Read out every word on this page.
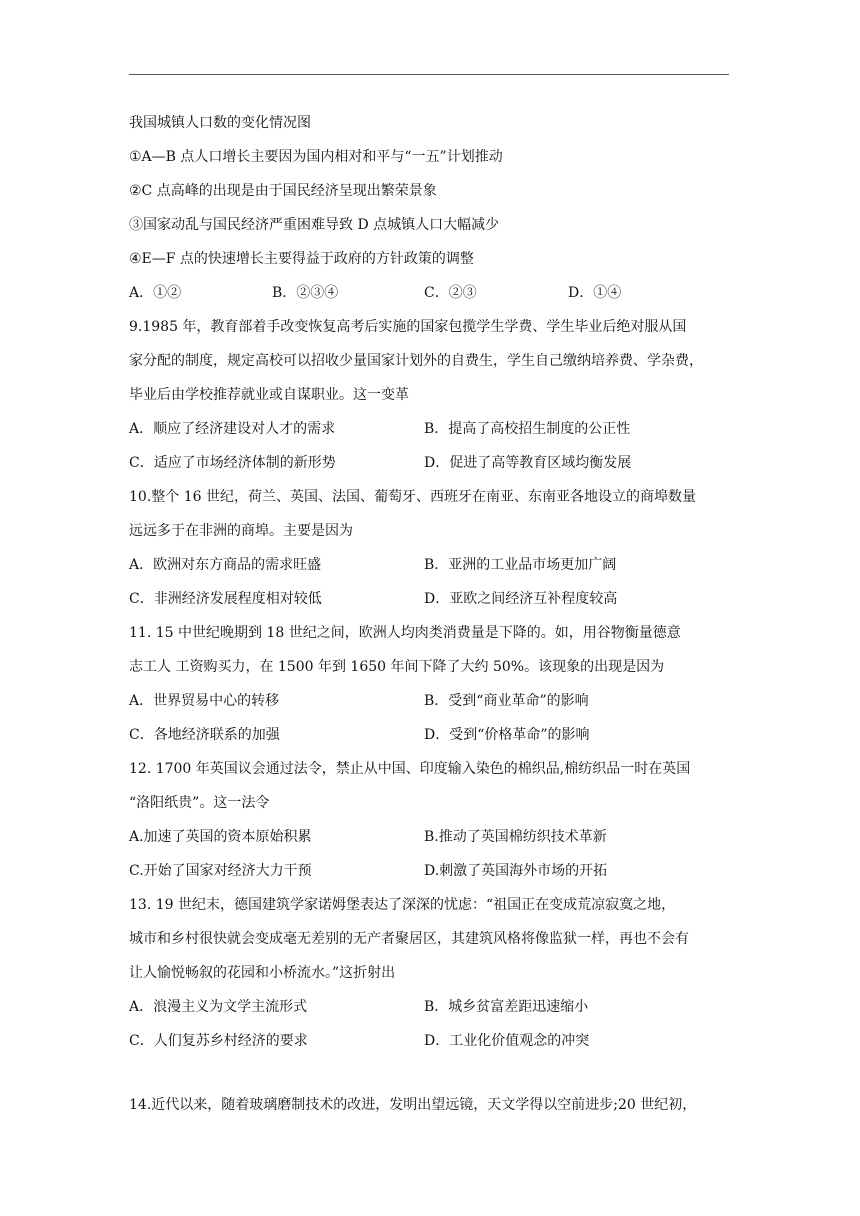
我国城镇人口数的变化情况图
①A—B 点人口增长主要因为国内相对和平与“一五”计划推动
②C 点高峰的出现是由于国民经济呈现出繁荣景象
③国家动乱与国民经济严重困难导致 D 点城镇人口大幅减少
④E—F 点的快速增长主要得益于政府的方针政策的调整
A．①②	B．②③④	C．②③	D．①④
9.1985 年，教育部着手改变恢复高考后实施的国家包揽学生学费、学生毕业后绝对服从国
家分配的制度，规定高校可以招收少量国家计划外的自费生，学生自己缴纳培养费、学杂费，
毕业后由学校推荐就业或自谋职业。这一变革
A．顺应了经济建设对人才的需求	B．提高了高校招生制度的公正性
C．适应了市场经济体制的新形势	D．促进了高等教育区域均衡发展
10.整个 16 世纪，荷兰、英国、法国、葡萄牙、西班牙在南亚、东南亚各地设立的商埠数量
远远多于在非洲的商埠。主要是因为
A．欧洲对东方商品的需求旺盛	B．亚洲的工业品市场更加广阔
C．非洲经济发展程度相对较低	D．亚欧之间经济互补程度较高
11. 15 中世纪晚期到 18 世纪之间，欧洲人均肉类消费量是下降的。如，用谷物衡量德意
志工人 工资购买力，在 1500 年到 1650 年间下降了大约 50%。该现象的出现是因为
A．世界贸易中心的转移	B．受到“商业革命”的影响
C．各地经济联系的加强	D．受到“价格革命”的影响
12. 1700 年英国议会通过法令，禁止从中国、印度输入染色的棉织品,棉纺织品一时在英国
“洛阳纸贵”。这一法令
A.加速了英国的资本原始积累	B.推动了英国棉纺织技术革新
C.开始了国家对经济大力干预	D.刺激了英国海外市场的开拓
13. 19 世纪末，德国建筑学家诺姆堡表达了深深的忧虑：“祖国正在变成荒凉寂寞之地，
城市和乡村很快就会变成毫无差别的无产者聚居区，其建筑风格将像监狱一样，再也不会有
让人愉悦畅叙的花园和小桥流水。”这折射出
A．浪漫主义为文学主流形式	B．城乡贫富差距迅速缩小
C．人们复苏乡村经济的要求	D．工业化价值观念的冲突
14.近代以来，随着玻璃磨制技术的改进，发明出望远镜，天文学得以空前进步;20 世纪初，
